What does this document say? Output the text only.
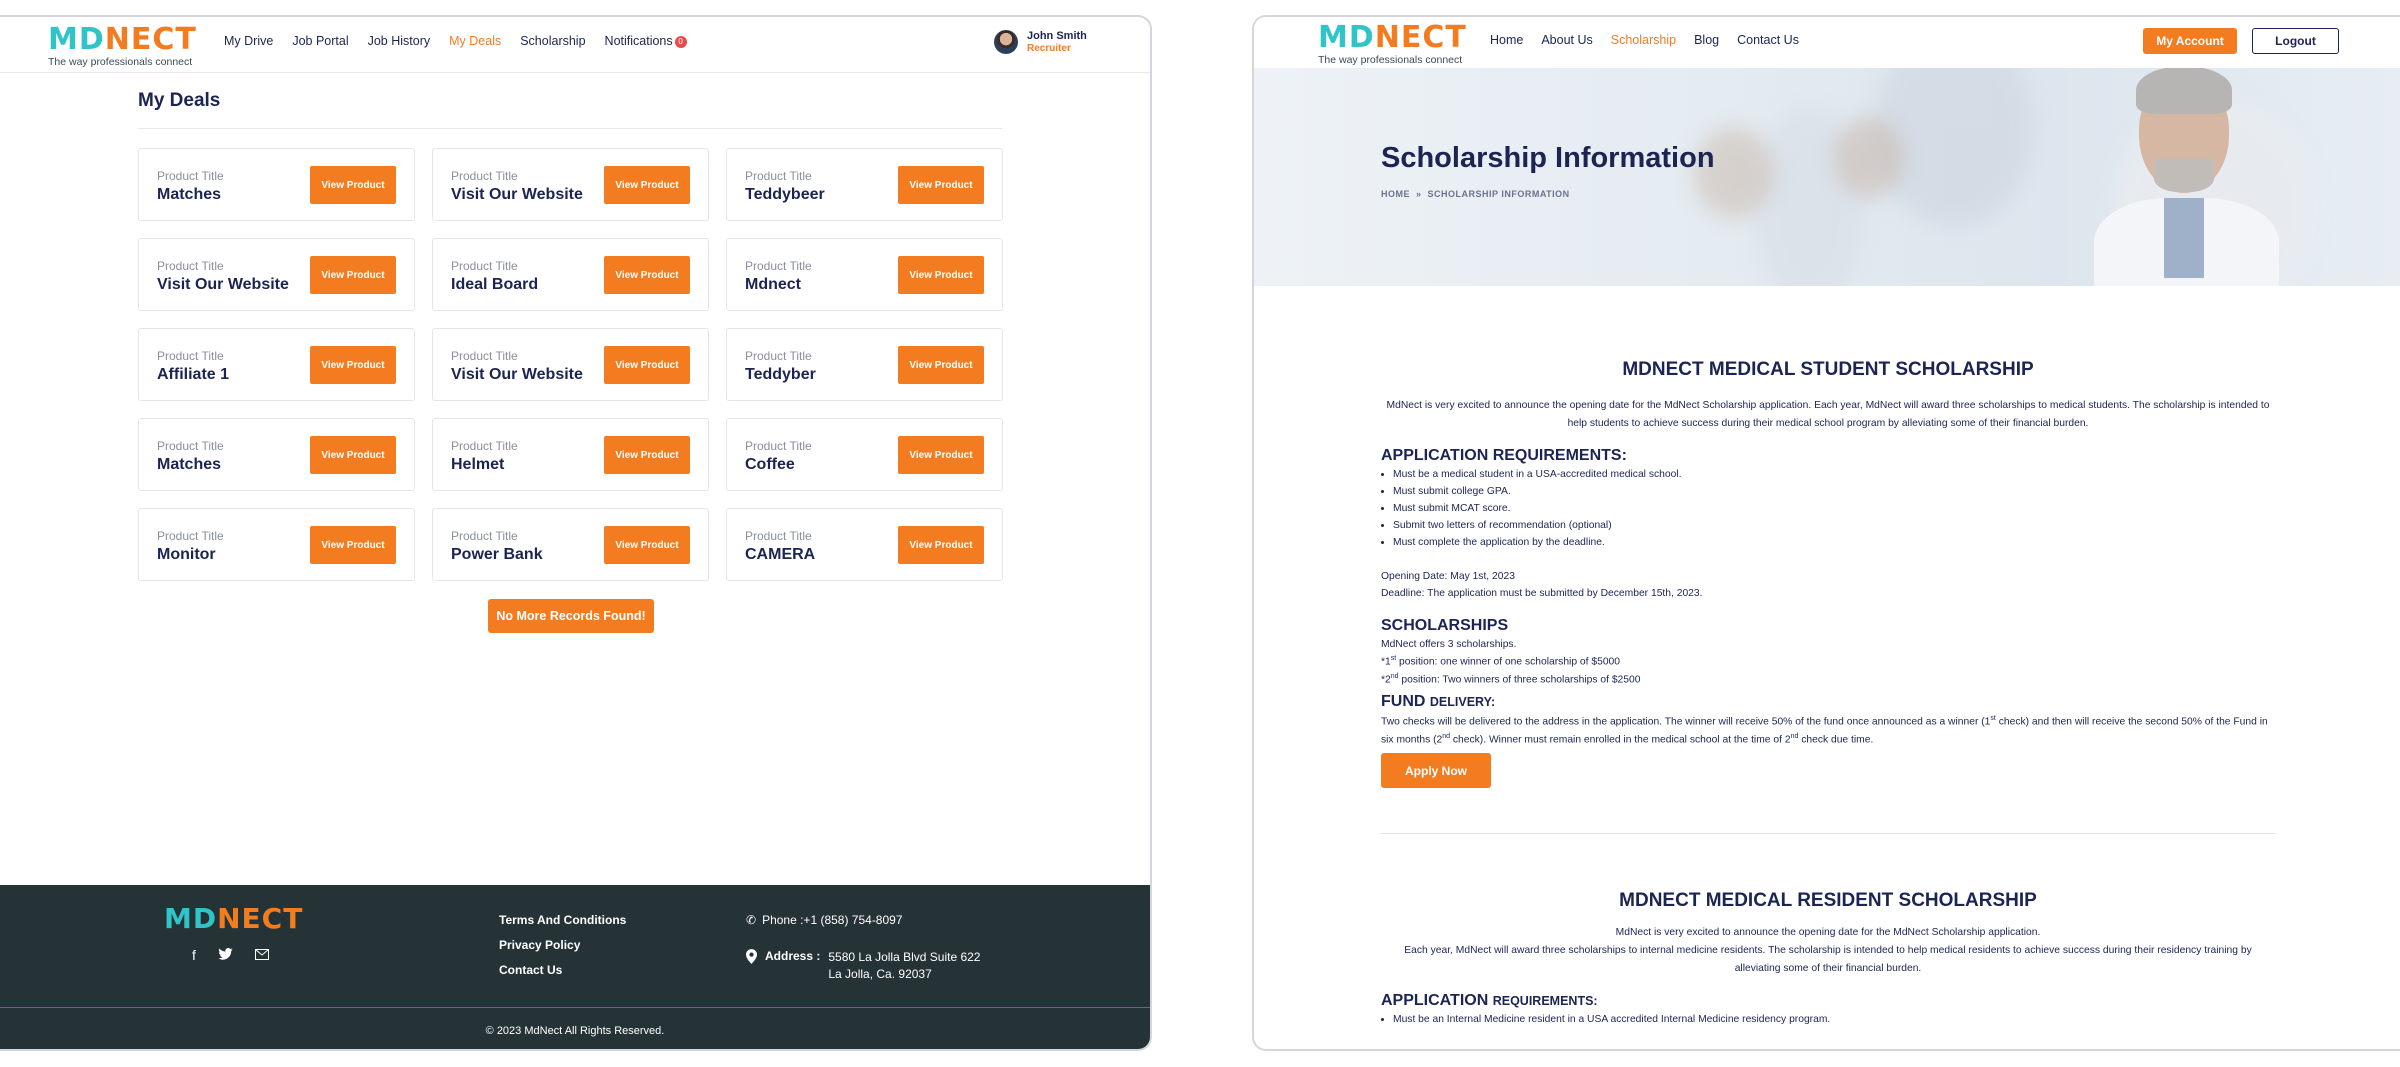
MDNECT
The way professionals connect
My Drive Job Portal Job History My Deals Scholarship Notifications 0	John Smith
Recruiter
My Deals
Product Title
Matches
View Product
Product Title
Visit Our Website
View Product
Product Title
Teddybeer
View Product
Product Title
Visit Our Website
View Product
Product Title
Ideal Board
View Product
Product Title
Mdnect
View Product
Product Title
Affiliate 1
View Product
Product Title
Visit Our Website
View Product
Product Title
Teddyber
View Product
Product Title
Matches
View Product
Product Title
Helmet
View Product
Product Title
Coffee
View Product
Product Title
Monitor
View Product
Product Title
Power Bank
View Product
Product Title
CAMERA
View Product
No More Records Found!
MDNECT
f
Terms And Conditions
Privacy Policy
Contact Us
✆ Phone :+1 (858) 754-8097
Address : 5580 La Jolla Blvd Suite 622
La Jolla, Ca. 92037
© 2023 MdNect All Rights Reserved.
Scholarship Information
HOME » SCHOLARSHIP INFORMATION
MDNECT
The way professionals connect
Home About Us Scholarship Blog Contact Us	My Account	Logout
MDNECT MEDICAL STUDENT SCHOLARSHIP
MdNect is very excited to announce the opening date for the MdNect Scholarship application. Each year, MdNect will award three scholarships to medical students. The scholarship is intended to help students to achieve success during their medical school program by alleviating some of their financial burden.
APPLICATION REQUIREMENTS:
• Must be a medical student in a USA-accredited medical school.
• Must submit college GPA.
• Must submit MCAT score.
• Submit two letters of recommendation (optional)
• Must complete the application by the deadline.
Opening Date: May 1st, 2023
Deadline: The application must be submitted by December 15th, 2023.
SCHOLARSHIPS
MdNect offers 3 scholarships.
*1st position: one winner of one scholarship of $5000
*2nd position: Two winners of three scholarships of $2500
FUND DELIVERY:
Two checks will be delivered to the address in the application. The winner will receive 50% of the fund once announced as a winner (1st check) and then will receive the second 50% of the Fund in six months (2nd check). Winner must remain enrolled in the medical school at the time of 2nd check due time.
Apply Now
MDNECT MEDICAL RESIDENT SCHOLARSHIP
MdNect is very excited to announce the opening date for the MdNect Scholarship application.
Each year, MdNect will award three scholarships to internal medicine residents. The scholarship is intended to help medical residents to achieve success during their residency training by alleviating some of their financial burden.
APPLICATION REQUIREMENTS:
• Must be an Internal Medicine resident in a USA accredited Internal Medicine residency program.
